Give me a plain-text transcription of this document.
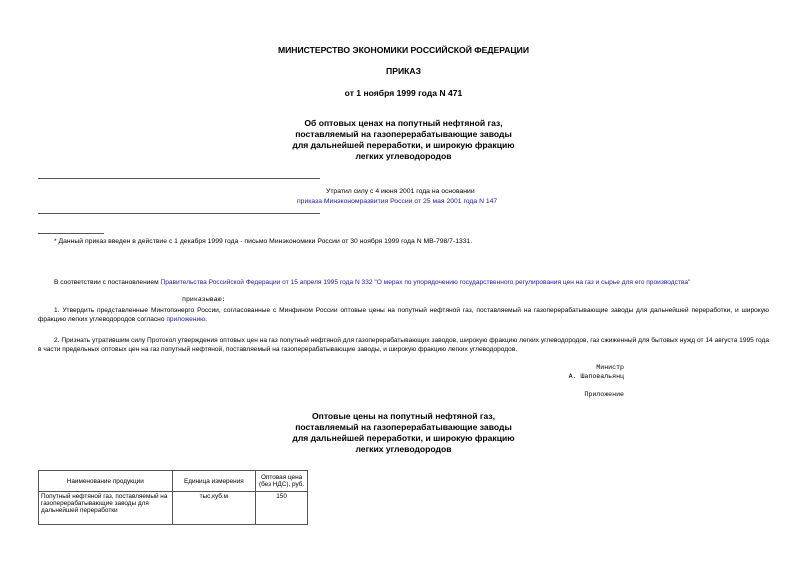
МИНИСТЕРСТВО ЭКОНОМИКИ РОССИЙСКОЙ ФЕДЕРАЦИИ
ПРИКАЗ
от 1 ноября 1999 года N 471
Об оптовых ценах на попутный нефтяной газ,
поставляемый на газоперерабатывающие заводы
для дальнейшей переработки, и широкую фракцию
легких углеводородов
Утратил силу с 4 июня 2001 года на основании
приказа Минэкономразвития России от 25 мая 2001 года N 147
* Данный приказ введен в действие с 1 декабря 1999 года - письмо Минэкономики России от 30 ноября 1999 года N МВ-798/7-1331.
В соответствии с постановлением Правительства Российской Федерации от 15 апреля 1995 года N 332 "О мерах по упорядочению государственного регулирования цен на газ и сырье для его производства"
приказываю:
1. Утвердить представленные Минтопэнерго России, согласованные с Минфином России оптовые цены на попутный нефтяной газ, поставляемый на газоперерабатывающие заводы для дальнейшей переработки, и широкую фракцию легких углеводородов согласно приложению.
2. Признать утратившим силу Протокол утверждения оптовых цен на газ попутный нефтяной для газоперерабатывающих заводов, широкую фракцию легких углеводородов, газ сжиженный для бытовых нужд от 14 августа 1995 года в части предельных оптовых цен на газ попутный нефтяной, поставляемый на газоперерабатывающие заводы, и широкую фракцию легких углеводородов.
Министр
А. Шаповальянц
Приложение
Оптовые цены на попутный нефтяной газ,
поставляемый на газоперерабатывающие заводы
для дальнейшей переработки, и широкую фракцию
легких углеводородов
Наименование продукции	Единица измерения	Оптовая цена (без НДС), руб.
Попутный нефтяной газ, поставляемый на газоперерабатывающие заводы для дальнейшей переработки	тыс.куб.м	150
